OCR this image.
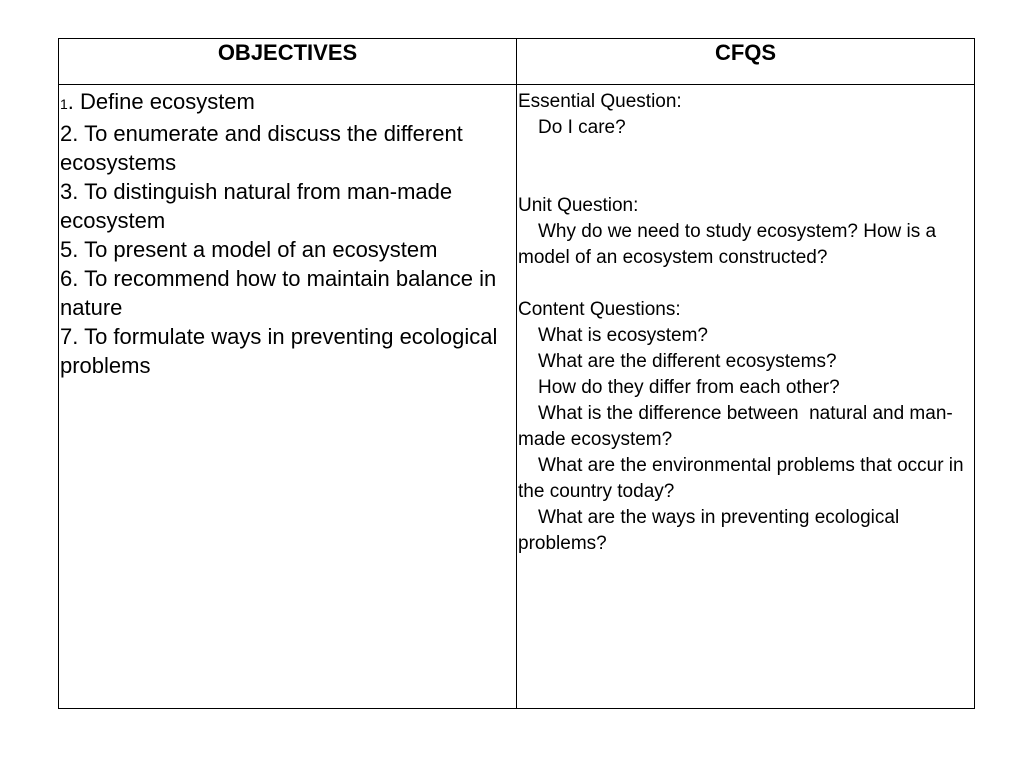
OBJECTIVES	CFQS

1. Define ecosystem

2. To enumerate and discuss the different ecosystems

3. To distinguish natural from man-made ecosystem

5. To present a model of an ecosystem

6. To recommend how to maintain balance in nature

7. To formulate ways in preventing ecological problems

Essential Question:

Do I care?

Unit Question:

Why do we need to study ecosystem? How is a model of an ecosystem constructed?

Content Questions:

What is ecosystem?

What are the different ecosystems?

How do they differ from each other?

What is the difference between  natural and man-made ecosystem?

What are the environmental problems that occur in the country today?

What are the ways in preventing ecological problems?
